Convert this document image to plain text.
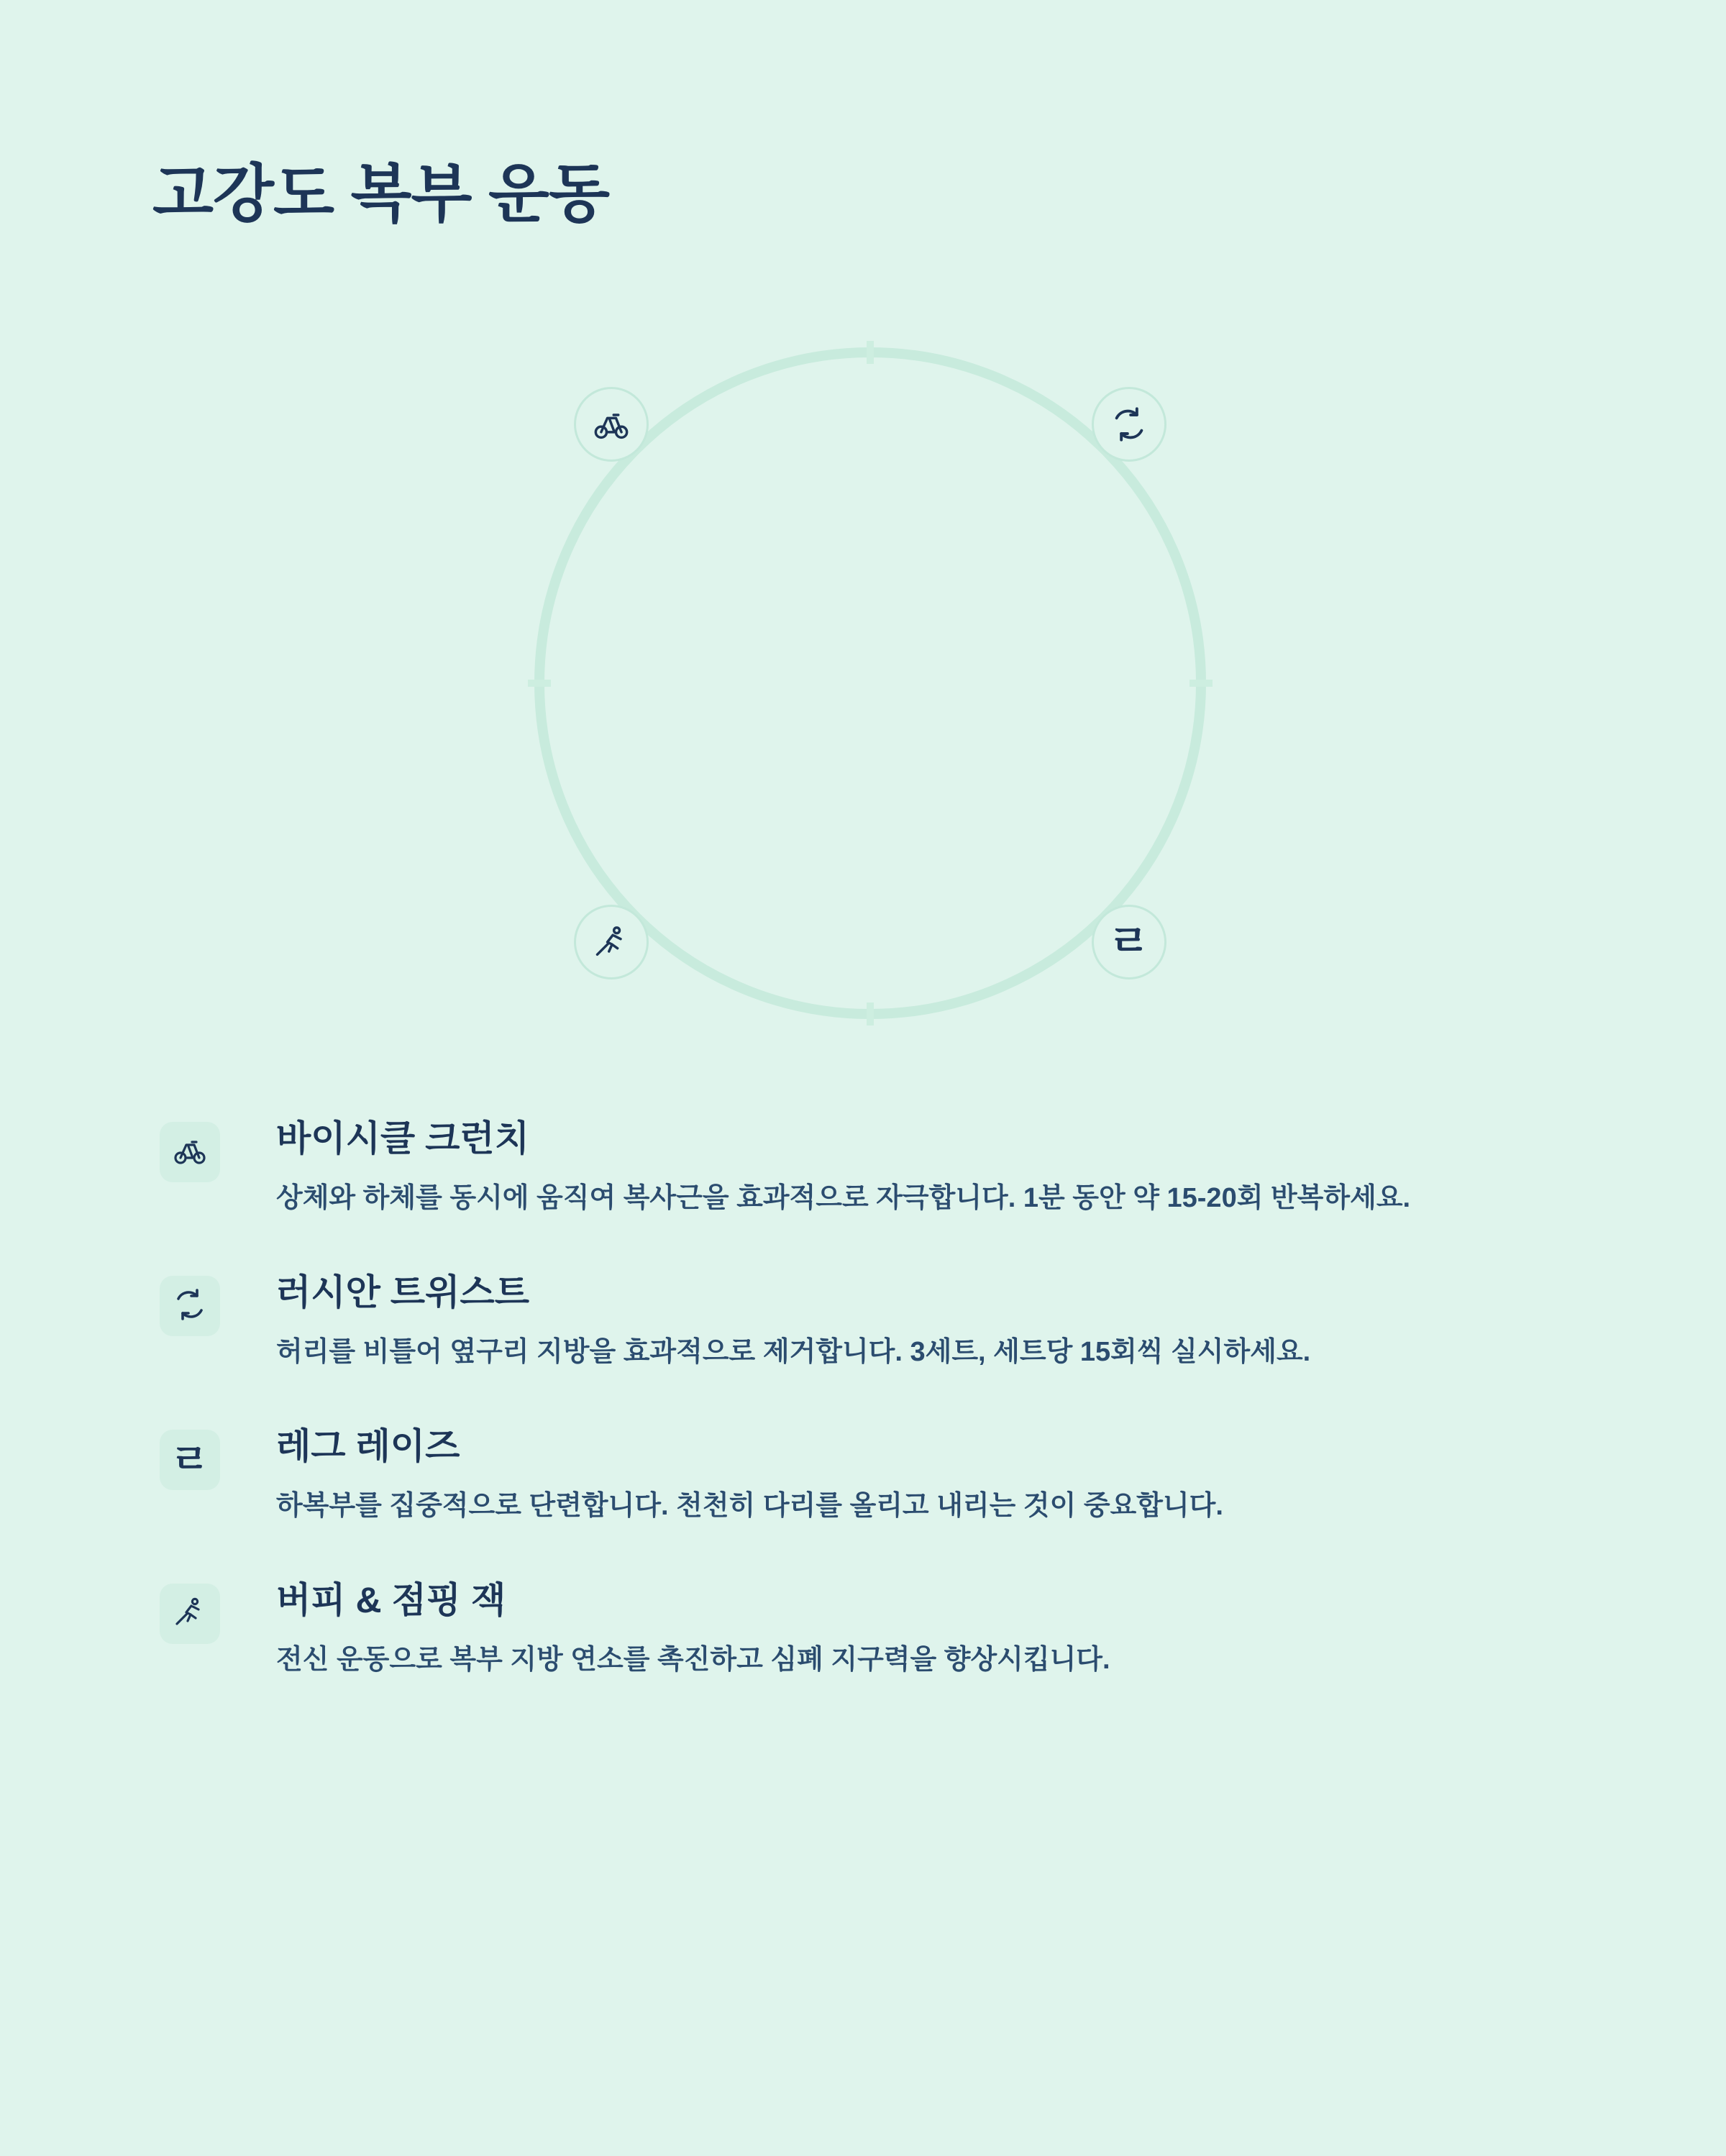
고강도 복부 운동
ㄹ
바이시클 크런치
상체와 하체를 동시에 움직여 복사근을 효과적으로 자극합니다. 1분 동안 약 15-20회 반복하세요.
러시안 트위스트
허리를 비틀어 옆구리 지방을 효과적으로 제거합니다. 3세트, 세트당 15회씩 실시하세요.
ㄹ 레그 레이즈
하복부를 집중적으로 단련합니다. 천천히 다리를 올리고 내리는 것이 중요합니다.
버피 & 점핑 잭
전신 운동으로 복부 지방 연소를 촉진하고 심폐 지구력을 향상시킵니다.
